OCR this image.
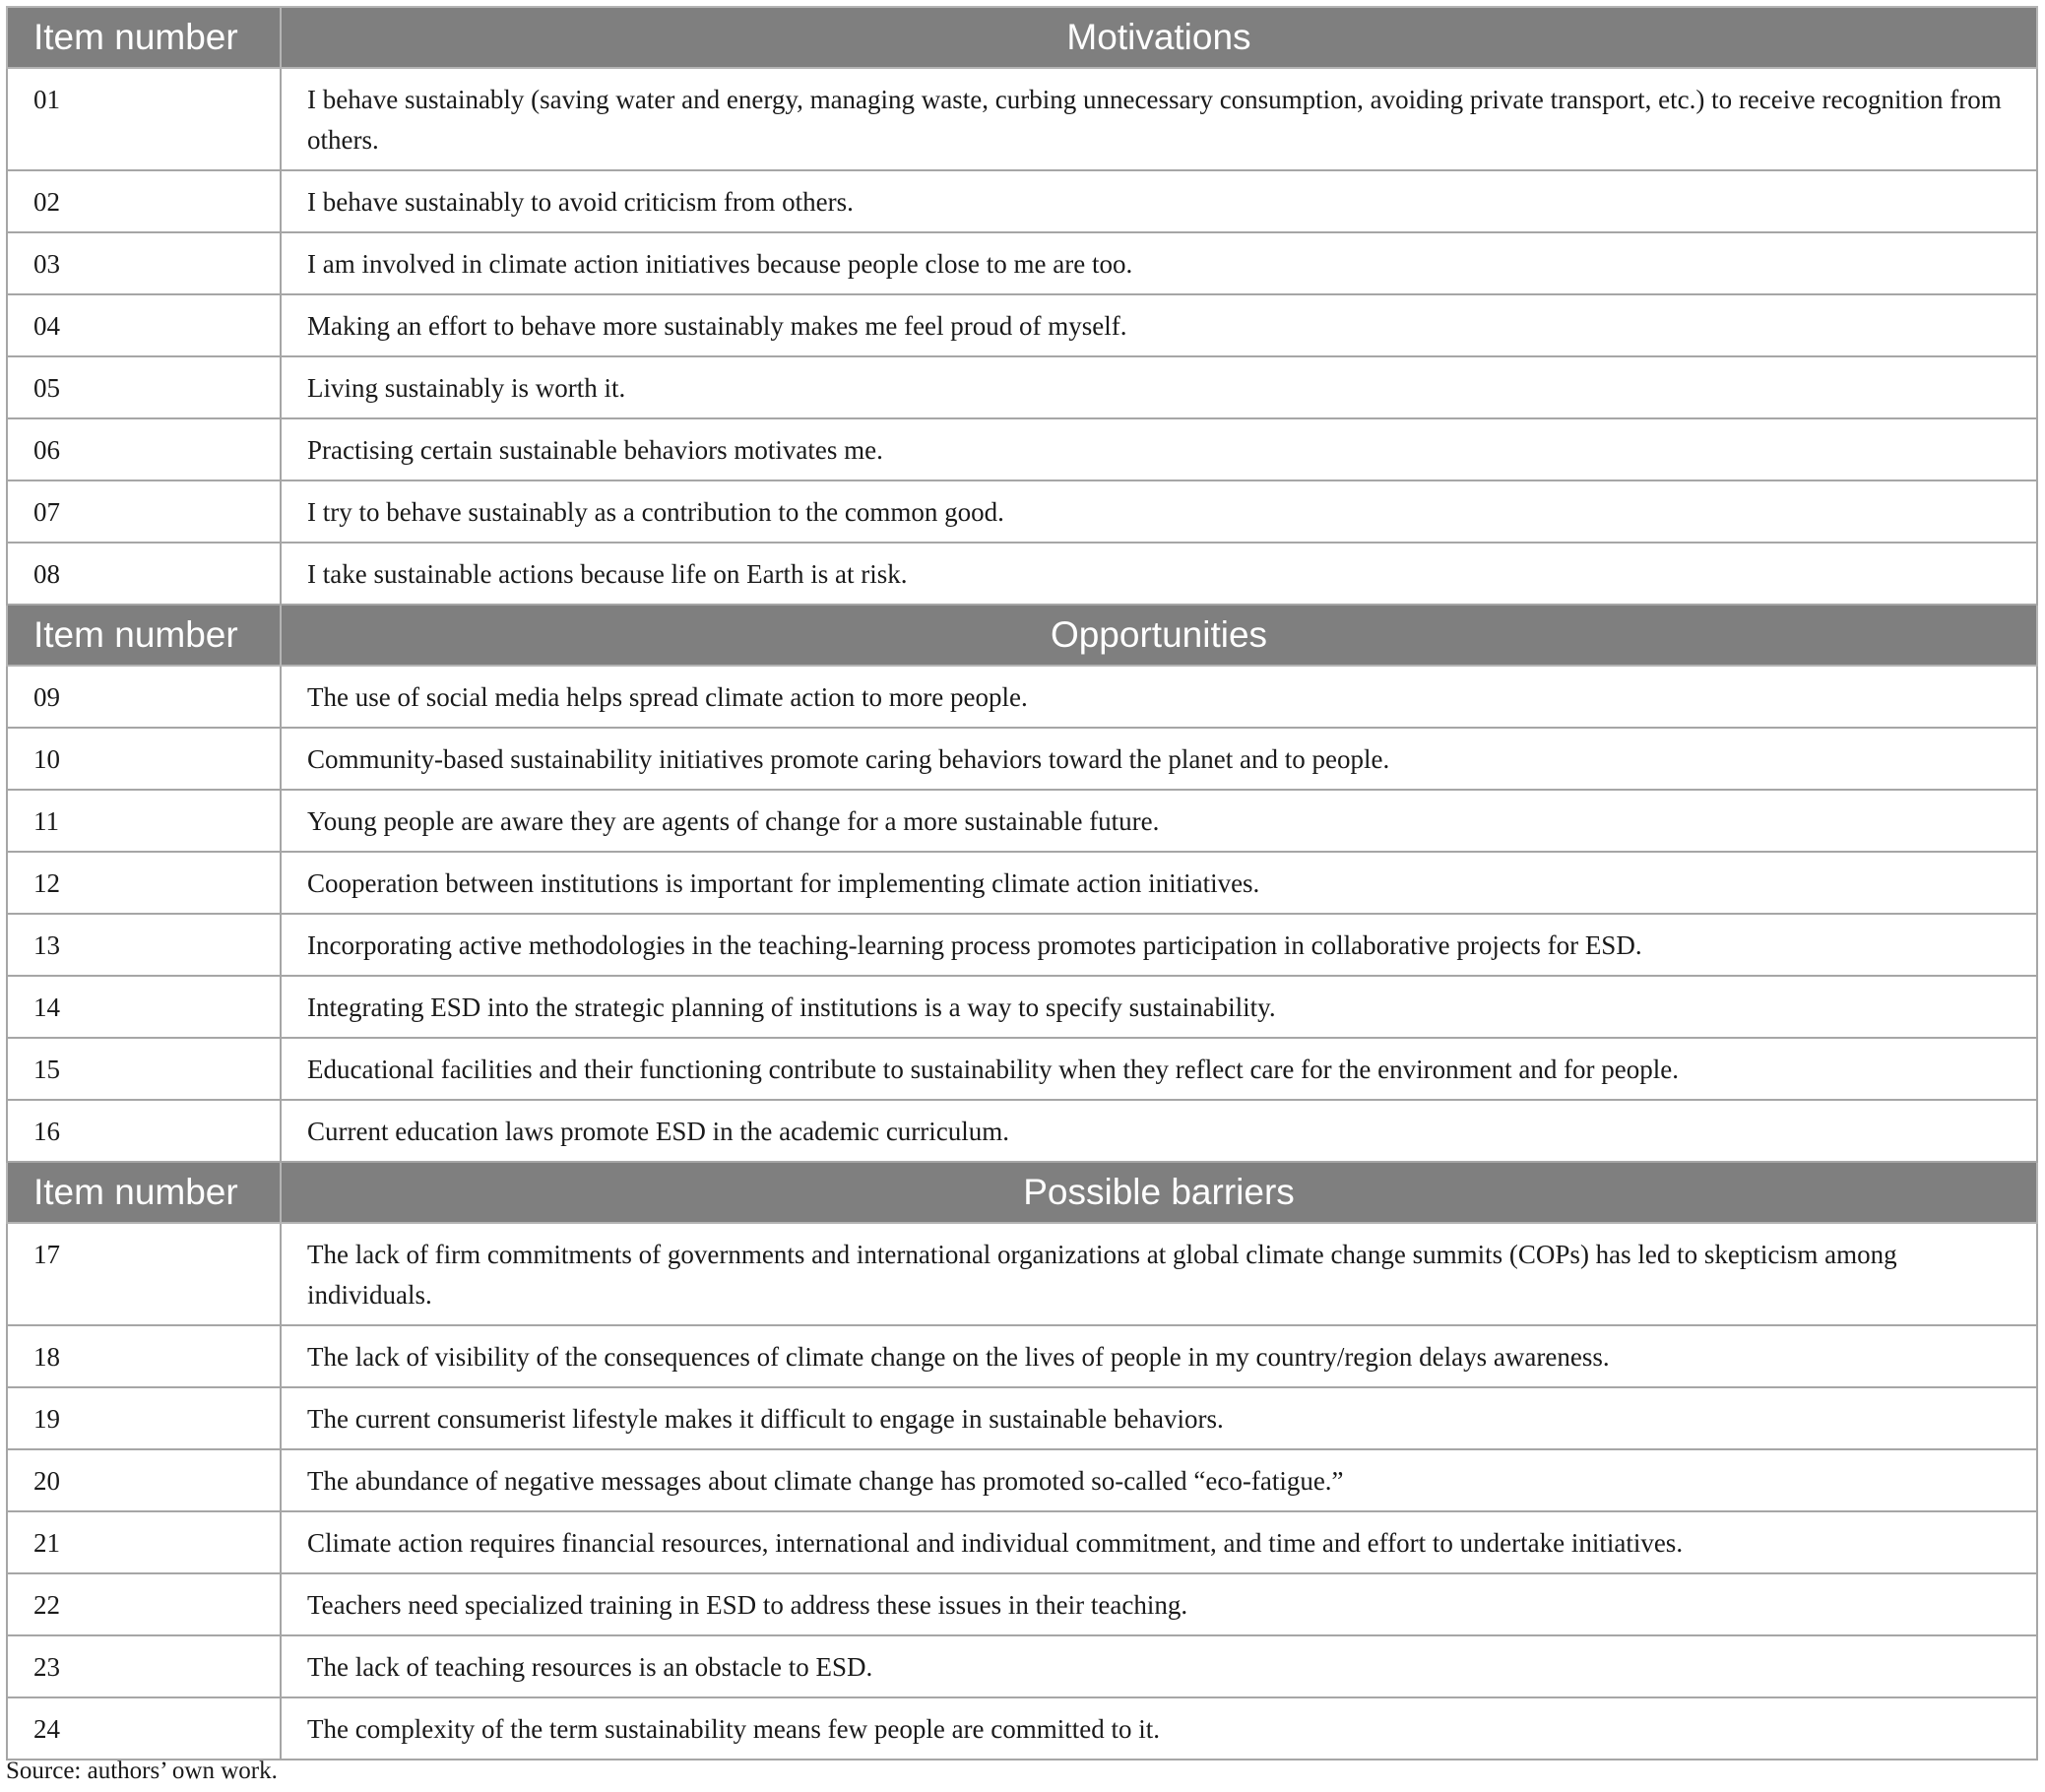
Item number	Motivations
01	I behave sustainably (saving water and energy, managing waste, curbing unnecessary consumption, avoiding private transport, etc.) to receive recognition from others.
02	I behave sustainably to avoid criticism from others.
03	I am involved in climate action initiatives because people close to me are too.
04	Making an effort to behave more sustainably makes me feel proud of myself.
05	Living sustainably is worth it.
06	Practising certain sustainable behaviors motivates me.
07	I try to behave sustainably as a contribution to the common good.
08	I take sustainable actions because life on Earth is at risk.
Item number	Opportunities
09	The use of social media helps spread climate action to more people.
10	Community-based sustainability initiatives promote caring behaviors toward the planet and to people.
11	Young people are aware they are agents of change for a more sustainable future.
12	Cooperation between institutions is important for implementing climate action initiatives.
13	Incorporating active methodologies in the teaching-learning process promotes participation in collaborative projects for ESD.
14	Integrating ESD into the strategic planning of institutions is a way to specify sustainability.
15	Educational facilities and their functioning contribute to sustainability when they reflect care for the environment and for people.
16	Current education laws promote ESD in the academic curriculum.
Item number	Possible barriers
17	The lack of firm commitments of governments and international organizations at global climate change summits (COPs) has led to skepticism among individuals.
18	The lack of visibility of the consequences of climate change on the lives of people in my country/region delays awareness.
19	The current consumerist lifestyle makes it difficult to engage in sustainable behaviors.
20	The abundance of negative messages about climate change has promoted so-called “eco-fatigue.”
21	Climate action requires financial resources, international and individual commitment, and time and effort to undertake initiatives.
22	Teachers need specialized training in ESD to address these issues in their teaching.
23	The lack of teaching resources is an obstacle to ESD.
24	The complexity of the term sustainability means few people are committed to it.
Source: authors’ own work.
